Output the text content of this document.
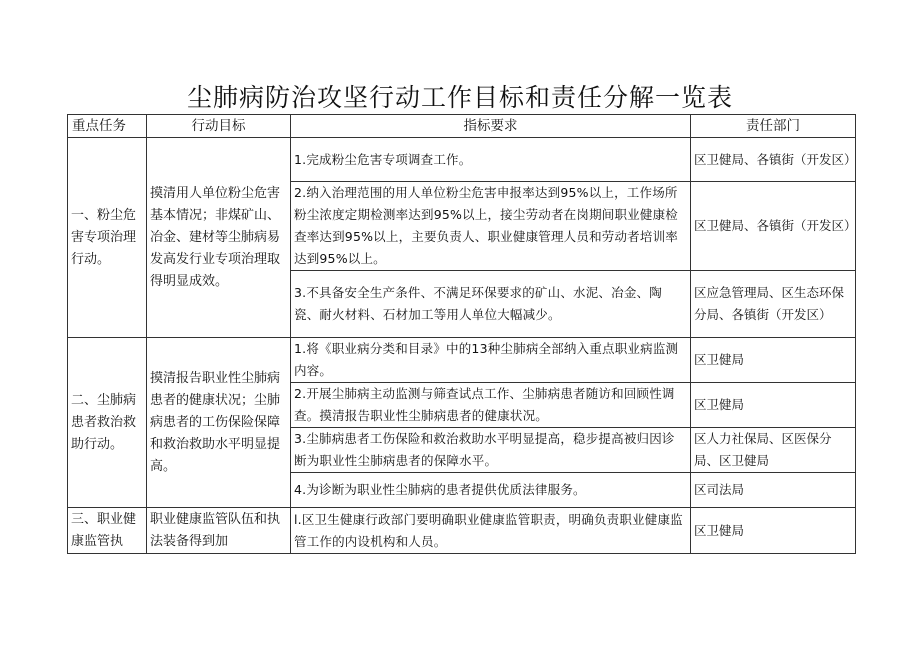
尘肺病防治攻坚行动工作目标和责任分解一览表
重点任务	行动目标	指标要求	责任部门
一、粉尘危害专项治理行动。	摸清用人单位粉尘危害基本情况；非煤矿山、冶金、建材等尘肺病易发高发行业专项治理取得明显成效。	1.完成粉尘危害专项调查工作。	区卫健局、各镇街（开发区）
		2.纳入治理范围的用人单位粉尘危害申报率达到95%以上，工作场所粉尘浓度定期检测率达到95%以上，接尘劳动者在岗期间职业健康检查率达到95%以上，主要负责人、职业健康管理人员和劳动者培训率达到95%以上。	区卫健局、各镇街（开发区）
		3.不具备安全生产条件、不满足环保要求的矿山、水泥、冶金、陶瓷、耐火材料、石材加工等用人单位大幅减少。	区应急管理局、区生态环保分局、各镇街（开发区）
二、尘肺病患者救治救助行动。	摸清报告职业性尘肺病患者的健康状况；尘肺病患者的工伤保险保障和救治救助水平明显提高。	1.将《职业病分类和目录》中的13种尘肺病全部纳入重点职业病监测内容。	区卫健局
		2.开展尘肺病主动监测与筛查试点工作、尘肺病患者随访和回顾性调查。摸清报告职业性尘肺病患者的健康状况。	区卫健局
		3.尘肺病患者工伤保险和救治救助水平明显提高，稳步提高被归因诊断为职业性尘肺病患者的保障水平。	区人力社保局、区医保分局、区卫健局
		4.为诊断为职业性尘肺病的患者提供优质法律服务。	区司法局
三、职业健康监管执	职业健康监管队伍和执法装备得到加	l.区卫生健康行政部门要明确职业健康监管职责，明确负责职业健康监管工作的内设机构和人员。	区卫健局
